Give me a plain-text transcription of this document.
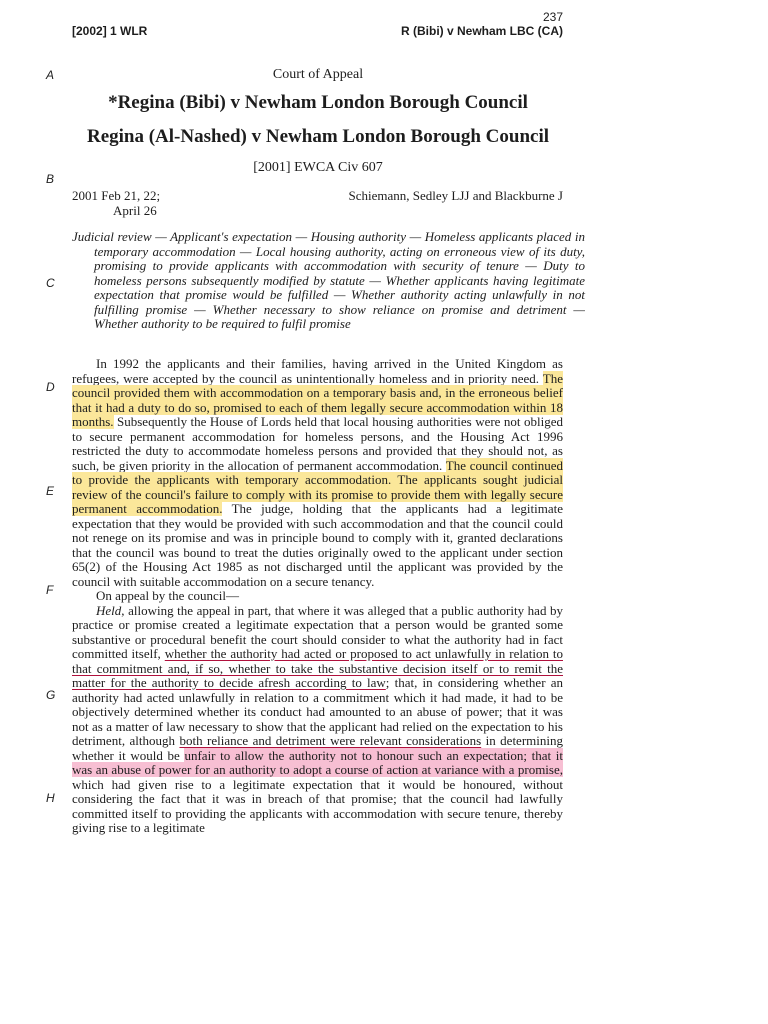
237
[2002] 1 WLR	R (Bibi) v Newham LBC (CA)
A
B
C
D
E
F
G
H
Court of Appeal
*Regina (Bibi) v Newham London Borough Council
Regina (Al-Nashed) v Newham London Borough Council
[2001] EWCA Civ 607
2001 Feb 21, 22;
April 26
Schiemann, Sedley LJJ and Blackburne J
Judicial review — Applicant's expectation — Housing authority — Homeless applicants placed in temporary accommodation — Local housing authority, acting on erroneous view of its duty, promising to provide applicants with accommodation with security of tenure — Duty to homeless persons subsequently modified by statute — Whether applicants having legitimate expectation that promise would be fulfilled — Whether authority acting unlawfully in not fulfilling promise — Whether necessary to show reliance on promise and detriment — Whether authority to be required to fulfil promise

In 1992 the applicants and their families, having arrived in the United Kingdom as refugees, were accepted by the council as unintentionally homeless and in priority need. The council provided them with accommodation on a temporary basis and, in the erroneous belief that it had a duty to do so, promised to each of them legally secure accommodation within 18 months. Subsequently the House of Lords held that local housing authorities were not obliged to secure permanent accommodation for homeless persons, and the Housing Act 1996 restricted the duty to accommodate homeless persons and provided that they should not, as such, be given priority in the allocation of permanent accommodation. The council continued to provide the applicants with temporary accommodation. The applicants sought judicial review of the council's failure to comply with its promise to provide them with legally secure permanent accommodation. The judge, holding that the applicants had a legitimate expectation that they would be provided with such accommodation and that the council could not renege on its promise and was in principle bound to comply with it, granted declarations that the council was bound to treat the duties originally owed to the applicant under section 65(2) of the Housing Act 1985 as not discharged until the applicant was provided by the council with suitable accommodation on a secure tenancy.

On appeal by the council—

Held, allowing the appeal in part, that where it was alleged that a public authority had by practice or promise created a legitimate expectation that a person would be granted some substantive or procedural benefit the court should consider to what the authority had in fact committed itself, whether the authority had acted or proposed to act unlawfully in relation to that commitment and, if so, whether to take the substantive decision itself or to remit the matter for the authority to decide afresh according to law; that, in considering whether an authority had acted unlawfully in relation to a commitment which it had made, it had to be objectively determined whether its conduct had amounted to an abuse of power; that it was not as a matter of law necessary to show that the applicant had relied on the expectation to his detriment, although both reliance and detriment were relevant considerations in determining whether it would be unfair to allow the authority not to honour such an expectation; that it was an abuse of power for an authority to adopt a course of action at variance with a promise, which had given rise to a legitimate expectation that it would be honoured, without considering the fact that it was in breach of that promise; that the council had lawfully committed itself to providing the applicants with accommodation with secure tenure, thereby giving rise to a legitimate
